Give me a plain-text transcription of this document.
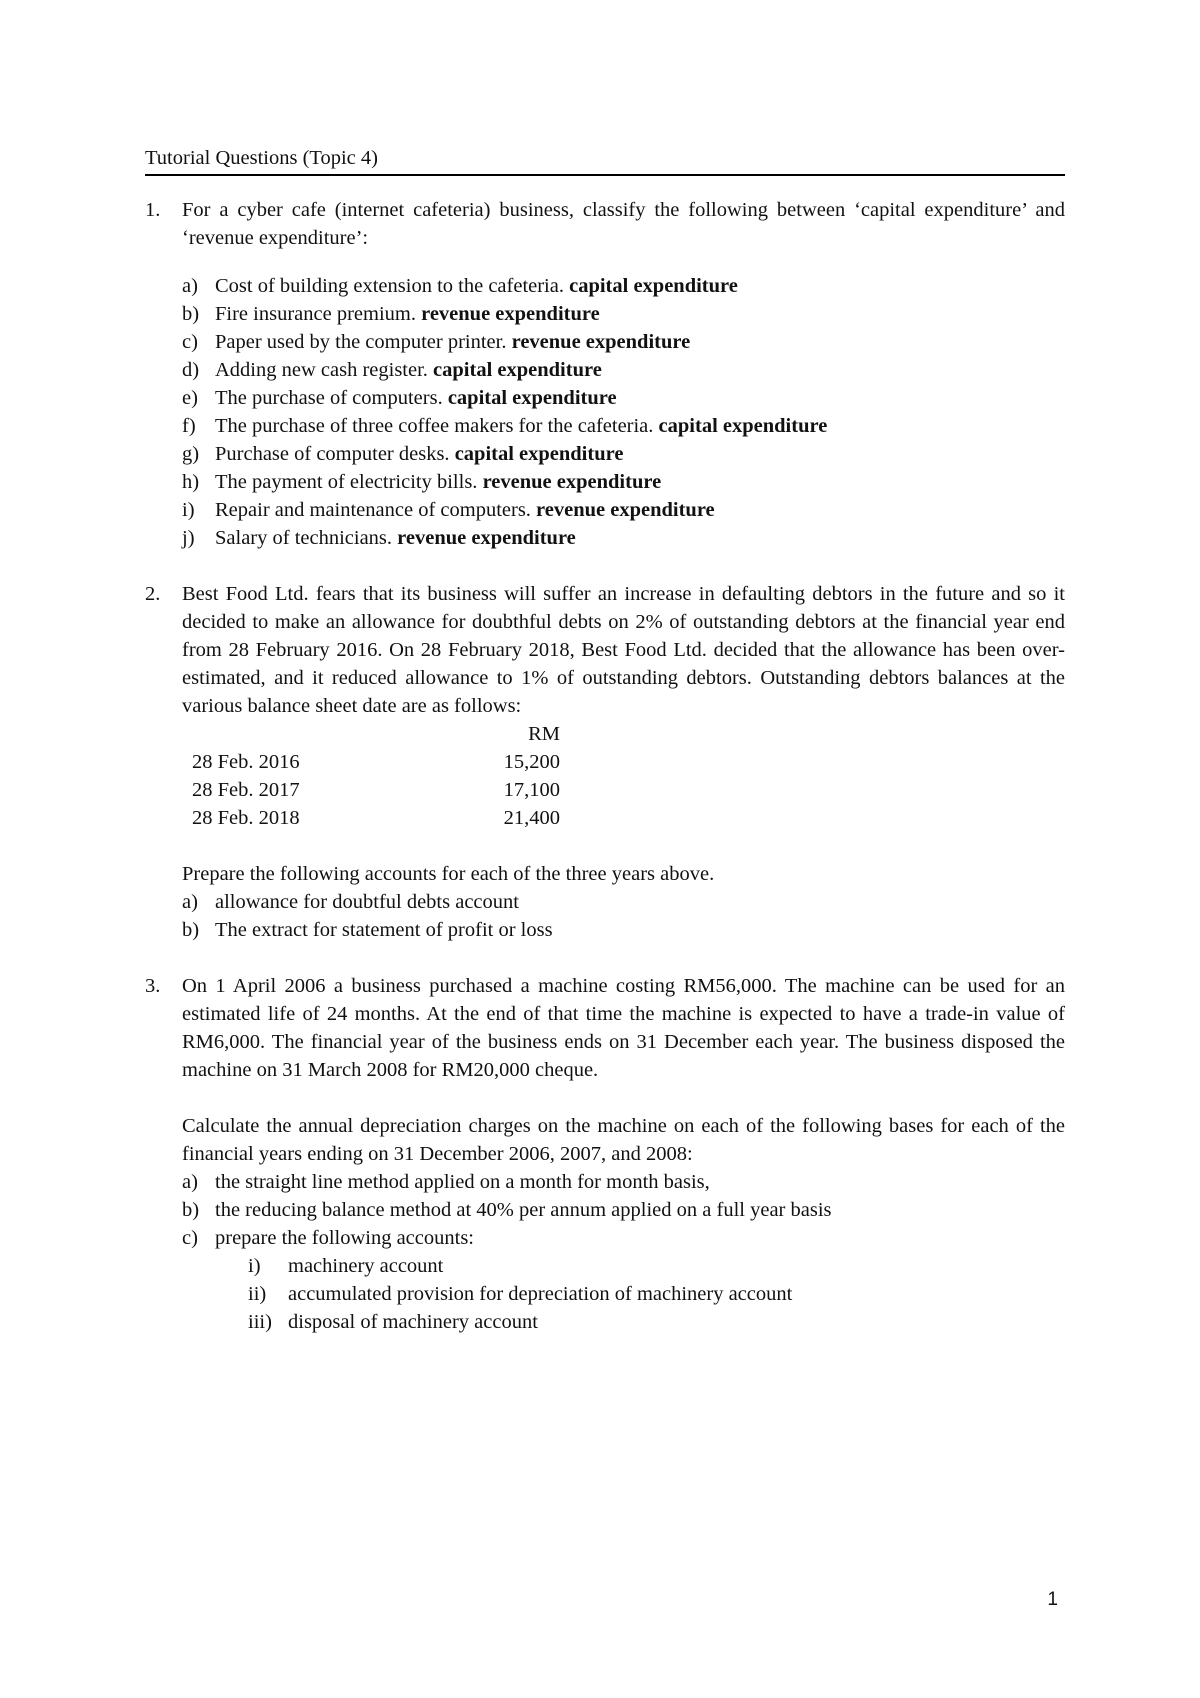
Tutorial Questions (Topic 4)
1.	For a cyber cafe (internet cafeteria) business, classify the following between ‘capital expenditure’ and ‘revenue expenditure’:
a) Cost of building extension to the cafeteria. capital expenditure
b) Fire insurance premium. revenue expenditure
c) Paper used by the computer printer. revenue expenditure
d) Adding new cash register. capital expenditure
e) The purchase of computers. capital expenditure
f) The purchase of three coffee makers for the cafeteria. capital expenditure
g) Purchase of computer desks. capital expenditure
h) The payment of electricity bills. revenue expenditure
i) Repair and maintenance of computers. revenue expenditure
j) Salary of technicians. revenue expenditure
2.	Best Food Ltd. fears that its business will suffer an increase in defaulting debtors in the future and so it decided to make an allowance for doubthful debts on 2% of outstanding debtors at the financial year end from 28 February 2016. On 28 February 2018, Best Food Ltd. decided that the allowance has been over-estimated, and it reduced allowance to 1% of outstanding debtors. Outstanding debtors balances at the various balance sheet date are as follows:
RM
28 Feb. 2016	15,200
28 Feb. 2017	17,100
28 Feb. 2018	21,400
Prepare the following accounts for each of the three years above.
a) allowance for doubtful debts account
b) The extract for statement of profit or loss
3.	On 1 April 2006 a business purchased a machine costing RM56,000. The machine can be used for an estimated life of 24 months. At the end of that time the machine is expected to have a trade-in value of RM6,000. The financial year of the business ends on 31 December each year. The business disposed the machine on 31 March 2008 for RM20,000 cheque.
Calculate the annual depreciation charges on the machine on each of the following bases for each of the financial years ending on 31 December 2006, 2007, and 2008:
a) the straight line method applied on a month for month basis,
b) the reducing balance method at 40% per annum applied on a full year basis
c) prepare the following accounts:
i)	machinery account
ii)	accumulated provision for depreciation of machinery account
iii) disposal of machinery account
1
